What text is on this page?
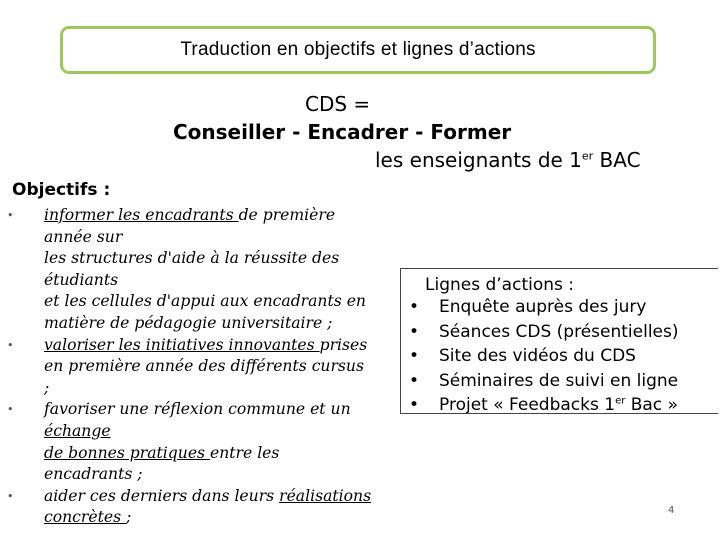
Traduction en objectifs et lignes d’actions
CDS =
Conseiller - Encadrer - Former
les enseignants de 1er BAC
Objectifs :
• informer les encadrants de première
année sur
les structures d'aide à la réussite des
étudiants
et les cellules d'appui aux encadrants en
matière de pédagogie universitaire ;
• valoriser les initiatives innovantes prises
en première année des différents cursus
;
• favoriser une réflexion commune et un
échange
de bonnes pratiques entre les
encadrants ;
• aider ces derniers dans leurs réalisations
concrètes ;
Lignes d’actions :
• Enquête auprès des jury
• Séances CDS (présentielles)
• Site des vidéos du CDS
• Séminaires de suivi en ligne
• Projet « Feedbacks 1er Bac »
4
